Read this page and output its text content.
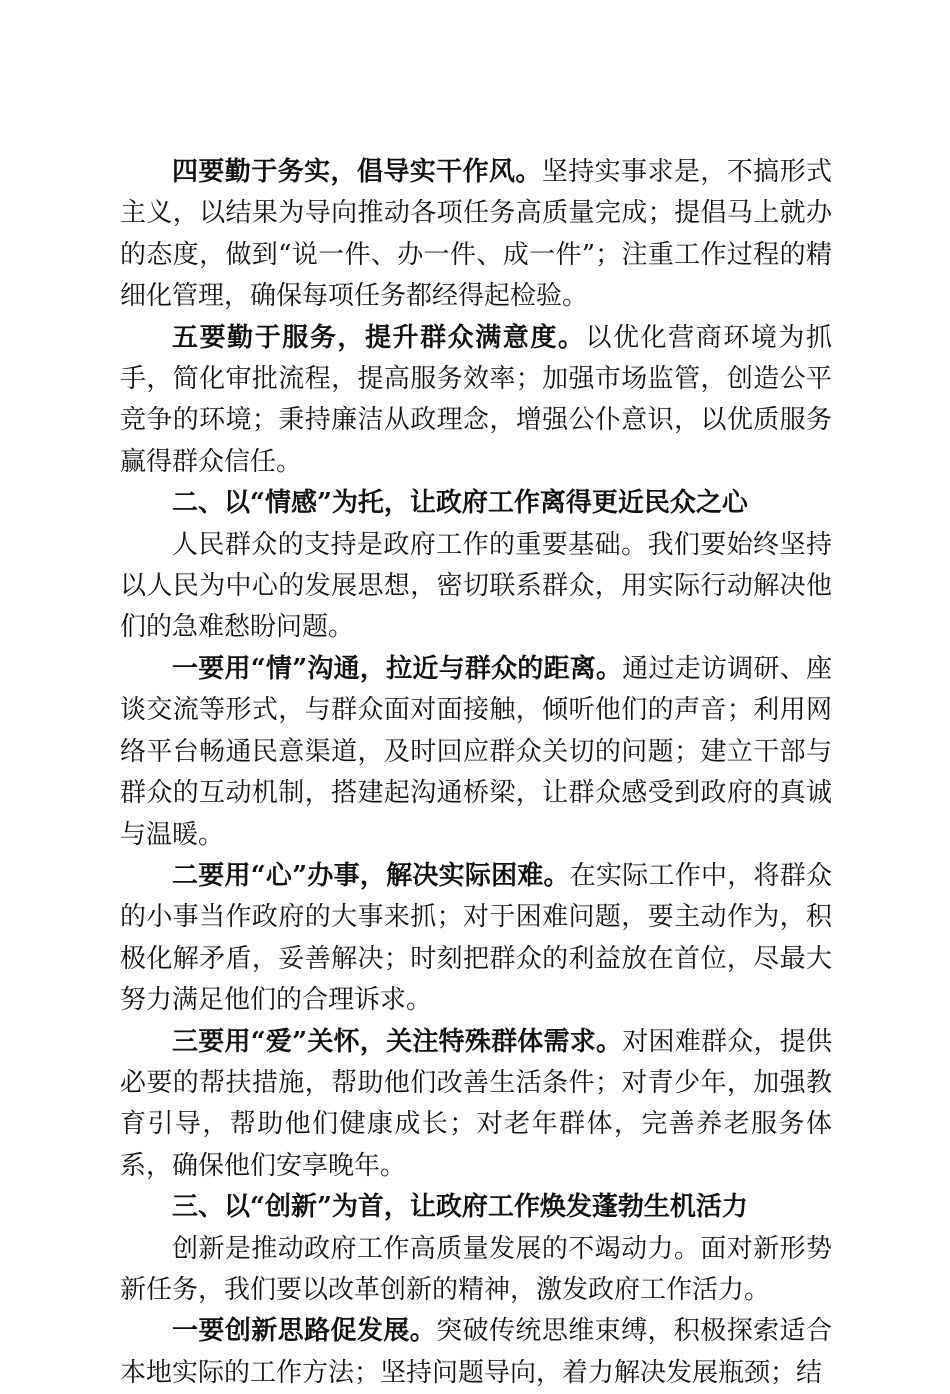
四要勤于务实，倡导实干作风。坚持实事求是，不搞形式主义，以结果为导向推动各项任务高质量完成；提倡马上就办的态度，做到“说一件、办一件、成一件”；注重工作过程的精细化管理，确保每项任务都经得起检验。

五要勤于服务，提升群众满意度。以优化营商环境为抓手，简化审批流程，提高服务效率；加强市场监管，创造公平竞争的环境；秉持廉洁从政理念，增强公仆意识，以优质服务赢得群众信任。

二、以“情感”为托，让政府工作离得更近民众之心

人民群众的支持是政府工作的重要基础。我们要始终坚持以人民为中心的发展思想，密切联系群众，用实际行动解决他们的急难愁盼问题。

一要用“情”沟通，拉近与群众的距离。通过走访调研、座谈交流等形式，与群众面对面接触，倾听他们的声音；利用网络平台畅通民意渠道，及时回应群众关切的问题；建立干部与群众的互动机制，搭建起沟通桥梁，让群众感受到政府的真诚与温暖。

二要用“心”办事，解决实际困难。在实际工作中，将群众的小事当作政府的大事来抓；对于困难问题，要主动作为，积极化解矛盾，妥善解决；时刻把群众的利益放在首位，尽最大努力满足他们的合理诉求。

三要用“爱”关怀，关注特殊群体需求。对困难群众，提供必要的帮扶措施，帮助他们改善生活条件；对青少年，加强教育引导，帮助他们健康成长；对老年群体，完善养老服务体系，确保他们安享晚年。

三、以“创新”为首，让政府工作焕发蓬勃生机活力

创新是推动政府工作高质量发展的不竭动力。面对新形势新任务，我们要以改革创新的精神，激发政府工作活力。

一要创新思路促发展。突破传统思维束缚，积极探索适合本地实际的工作方法；坚持问题导向，着力解决发展瓶颈；结
